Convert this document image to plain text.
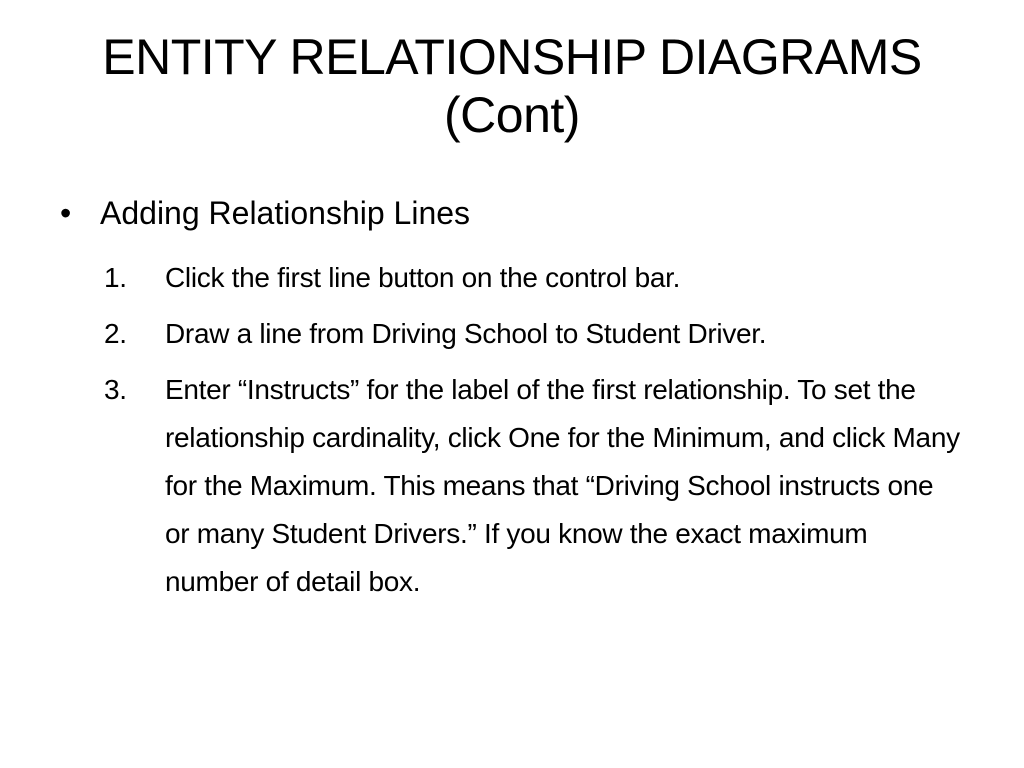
ENTITY RELATIONSHIP DIAGRAMS
(Cont)
• Adding Relationship Lines
1. Click the first line button on the control bar.
2. Draw a line from Driving School to Student Driver.
3. Enter “Instructs” for the label of the first relationship. To set the relationship cardinality, click One for the Minimum, and click Many for the Maximum. This means that “Driving School instructs one or many Student Drivers.” If you know the exact maximum number of detail box.
